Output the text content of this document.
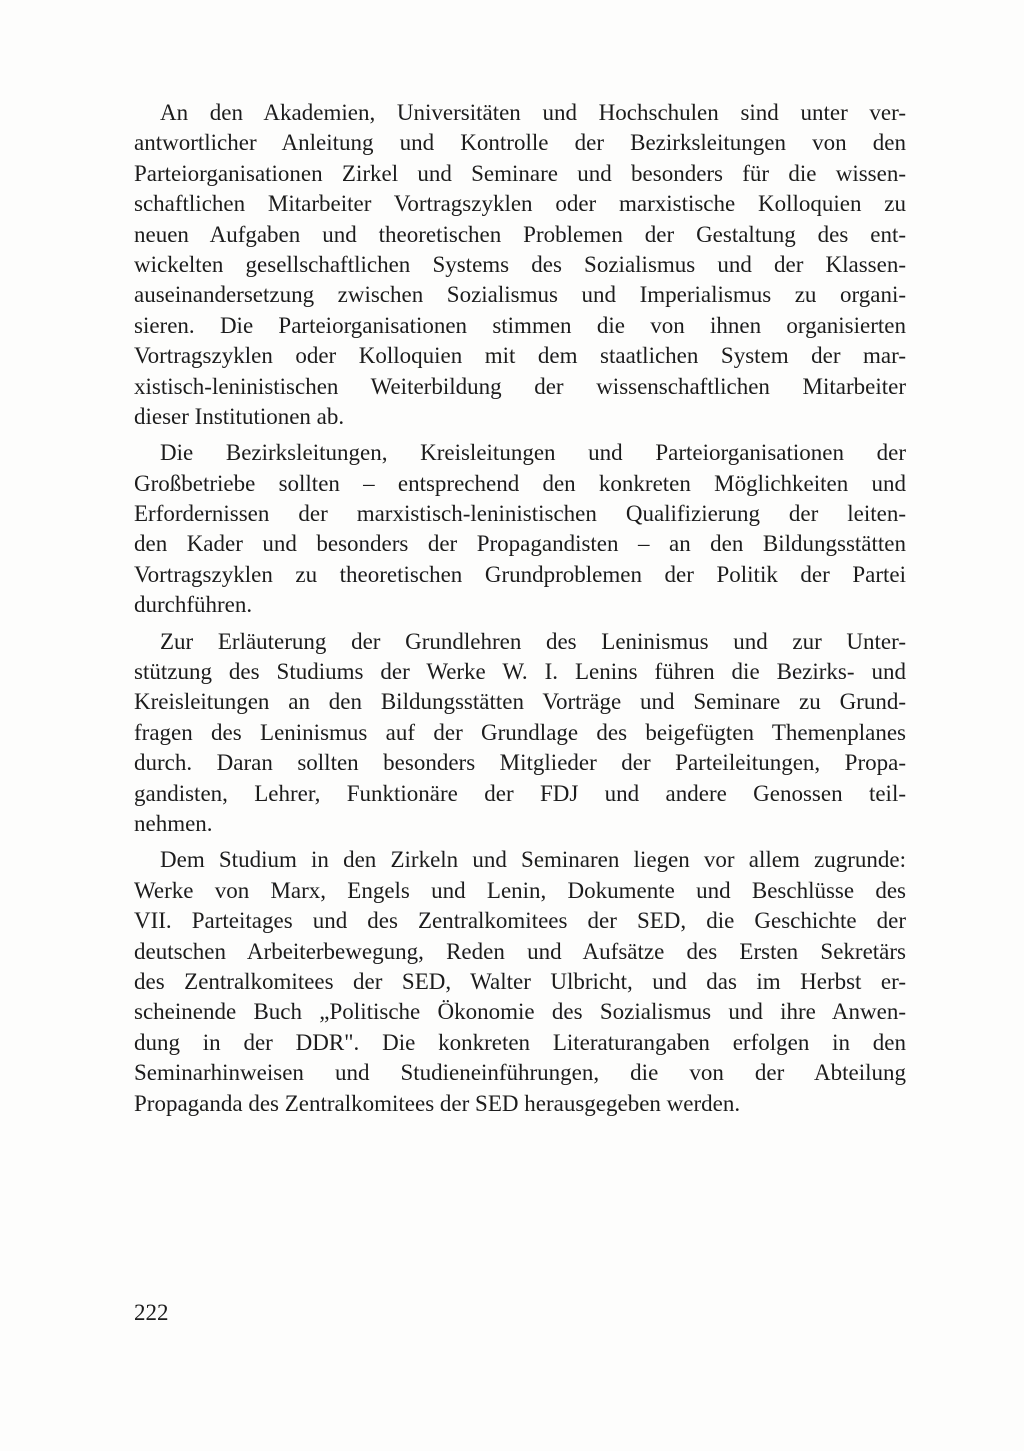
An den Akademien, Universitäten und Hochschulen sind unter ver-
antwortlicher Anleitung und Kontrolle der Bezirksleitungen von den
Parteiorganisationen Zirkel und Seminare und besonders für die wissen-
schaftlichen Mitarbeiter Vortragszyklen oder marxistische Kolloquien zu
neuen Aufgaben und theoretischen Problemen der Gestaltung des ent-
wickelten gesellschaftlichen Systems des Sozialismus und der Klassen-
auseinandersetzung zwischen Sozialismus und Imperialismus zu organi-
sieren. Die Parteiorganisationen stimmen die von ihnen organisierten
Vortragszyklen oder Kolloquien mit dem staatlichen System der mar-
xistisch-leninistischen Weiterbildung der wissenschaftlichen Mitarbeiter
dieser Institutionen ab.
Die Bezirksleitungen, Kreisleitungen und Parteiorganisationen der
Großbetriebe sollten – entsprechend den konkreten Möglichkeiten und
Erfordernissen der marxistisch-leninistischen Qualifizierung der leiten-
den Kader und besonders der Propagandisten – an den Bildungsstätten
Vortragszyklen zu theoretischen Grundproblemen der Politik der Partei
durchführen.
Zur Erläuterung der Grundlehren des Leninismus und zur Unter-
stützung des Studiums der Werke W. I. Lenins führen die Bezirks- und
Kreisleitungen an den Bildungsstätten Vorträge und Seminare zu Grund-
fragen des Leninismus auf der Grundlage des beigefügten Themenplanes
durch. Daran sollten besonders Mitglieder der Parteileitungen, Propa-
gandisten, Lehrer, Funktionäre der FDJ und andere Genossen teil-
nehmen.
Dem Studium in den Zirkeln und Seminaren liegen vor allem zugrunde:
Werke von Marx, Engels und Lenin, Dokumente und Beschlüsse des
VII. Parteitages und des Zentralkomitees der SED, die Geschichte der
deutschen Arbeiterbewegung, Reden und Aufsätze des Ersten Sekretärs
des Zentralkomitees der SED, Walter Ulbricht, und das im Herbst er-
scheinende Buch „Politische Ökonomie des Sozialismus und ihre Anwen-
dung in der DDR". Die konkreten Literaturangaben erfolgen in den
Seminarhinweisen und Studieneinführungen, die von der Abteilung
Propaganda des Zentralkomitees der SED herausgegeben werden.
222
